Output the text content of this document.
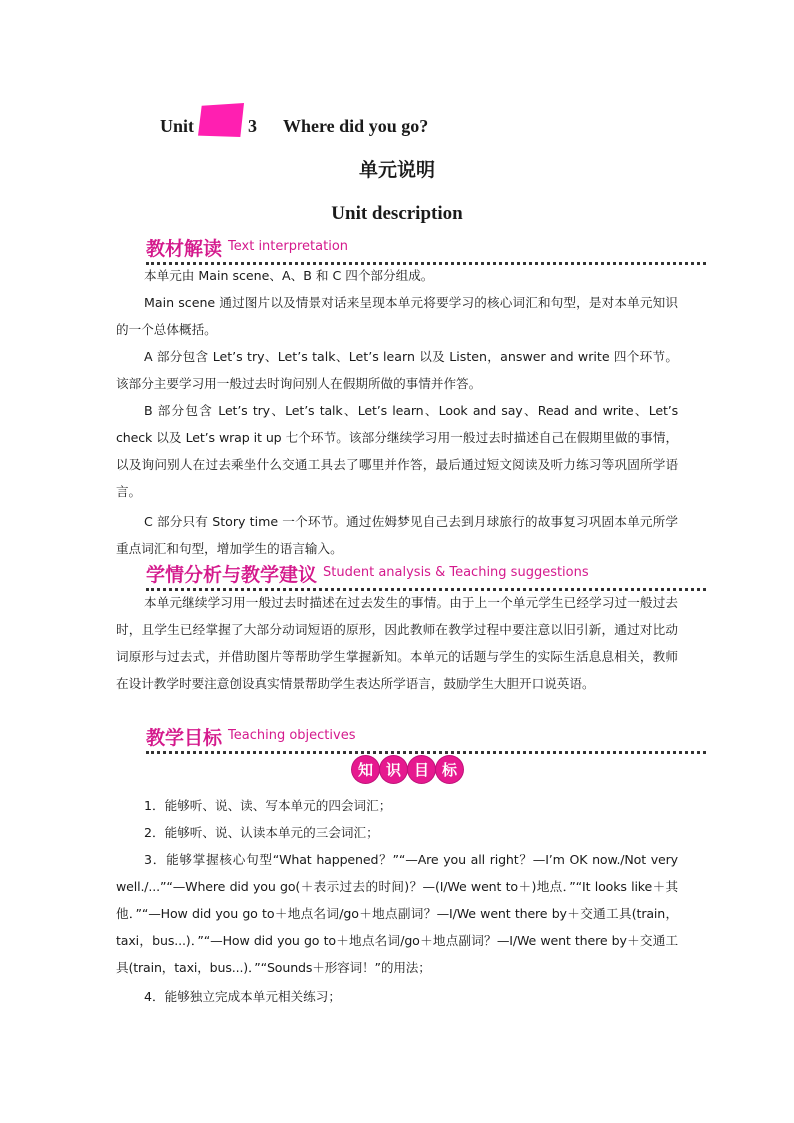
Unit	3 Where did you go?
单元说明
Unit description
教材解读 Text interpretation

本单元由 Main scene、A、B 和 C 四个部分组成。

Main scene 通过图片以及情景对话来呈现本单元将要学习的核心词汇和句型，是对本单元知识的一个总体概括。

A 部分包含 Let’s try、Let’s talk、Let’s learn 以及 Listen，answer and write 四个环节。该部分主要学习用一般过去时询问别人在假期所做的事情并作答。

B 部分包含 Let’s try、Let’s talk、Let’s learn、Look and say、Read and write、Let’s check 以及 Let’s wrap it up 七个环节。该部分继续学习用一般过去时描述自己在假期里做的事情，以及询问别人在过去乘坐什么交通工具去了哪里并作答，最后通过短文阅读及听力练习等巩固所学语言。

C 部分只有 Story time 一个环节。通过佐姆梦见自己去到月球旅行的故事复习巩固本单元所学重点词汇和句型，增加学生的语言输入。

学情分析与教学建议 Student analysis & Teaching suggestions

本单元继续学习用一般过去时描述在过去发生的事情。由于上一个单元学生已经学习过一般过去时，且学生已经掌握了大部分动词短语的原形，因此教师在教学过程中要注意以旧引新，通过对比动词原形与过去式，并借助图片等帮助学生掌握新知。本单元的话题与学生的实际生活息息相关，教师在设计教学时要注意创设真实情景帮助学生表达所学语言，鼓励学生大胆开口说英语。

教学目标 Teaching objectives
知 识 目 标

1．能够听、说、读、写本单元的四会词汇；

2．能够听、说、认读本单元的三会词汇；

3．能够掌握核心句型“What happened？”“—Are you all right？—I’m OK now./Not very well./...”“—Where did you go(＋表示过去的时间)？—(I/We went to＋)地点．”“It looks like＋其他．”“—How did you go to＋地点名词/go＋地点副词？—I/We went there by＋交通工具(train，taxi，bus...)．”“—How did you go to＋地点名词/go＋地点副词？—I/We went there by＋交通工具(train，taxi，bus...)．”“Sounds＋形容词！”的用法；

4．能够独立完成本单元相关练习；
